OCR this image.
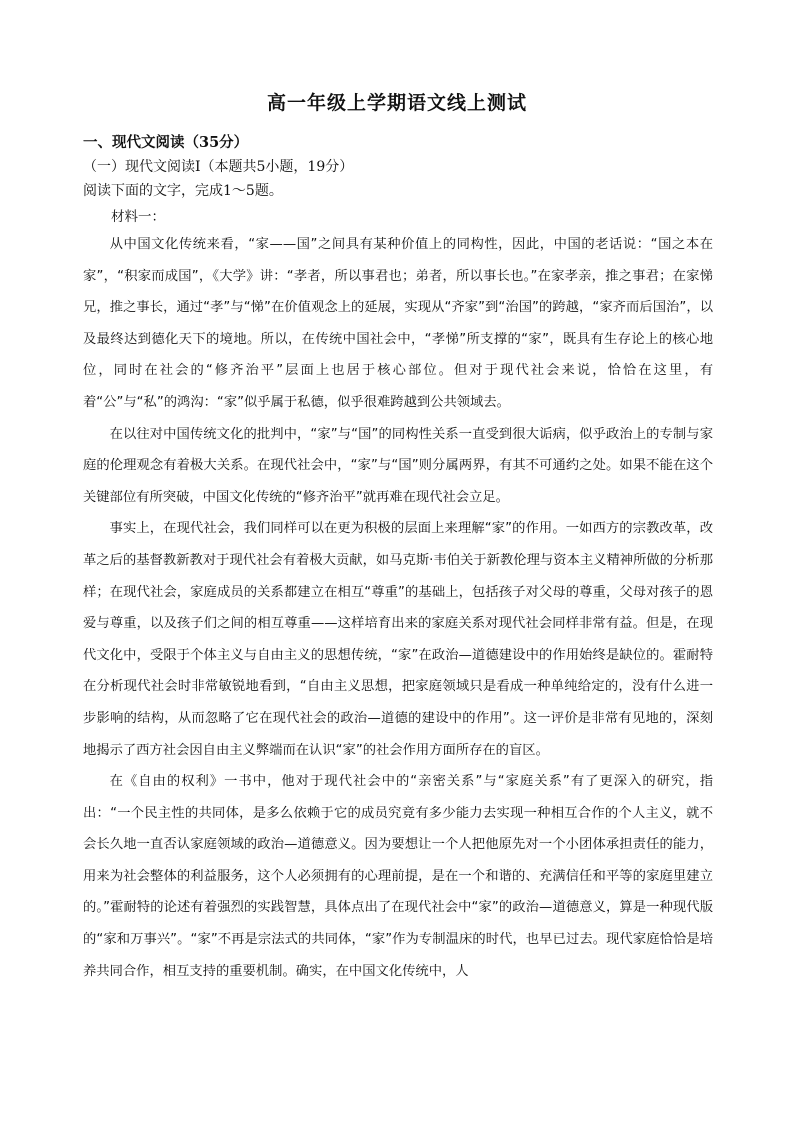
高一年级上学期语文线上测试
一、现代文阅读（35分）
（一）现代文阅读Ⅰ（本题共5小题，19分）
阅读下面的文字，完成1～5题。
材料一：

从中国文化传统来看，“家——国”之间具有某种价值上的同构性，因此，中国的老话说：“国之本在家”，“积家而成国”，《大学》讲：“孝者，所以事君也；弟者，所以事长也。”在家孝亲，推之事君；在家悌兄，推之事长，通过“孝”与“悌”在价值观念上的延展，实现从“齐家”到“治国”的跨越，“家齐而后国治”，以及最终达到德化天下的境地。所以，在传统中国社会中，“孝悌”所支撑的“家”，既具有生存论上的核心地位，同时在社会的“修齐治平”层面上也居于核心部位。但对于现代社会来说，恰恰在这里，有着“公”与“私”的鸿沟：“家”似乎属于私德，似乎很难跨越到公共领域去。

在以往对中国传统文化的批判中，“家”与“国”的同构性关系一直受到很大诟病，似乎政治上的专制与家庭的伦理观念有着极大关系。在现代社会中，“家”与“国”则分属两界，有其不可通约之处。如果不能在这个关键部位有所突破，中国文化传统的“修齐治平”就再难在现代社会立足。

事实上，在现代社会，我们同样可以在更为积极的层面上来理解“家”的作用。一如西方的宗教改革，改革之后的基督教新教对于现代社会有着极大贡献，如马克斯·韦伯关于新教伦理与资本主义精神所做的分析那样；在现代社会，家庭成员的关系都建立在相互“尊重”的基础上，包括孩子对父母的尊重，父母对孩子的恩爱与尊重，以及孩子们之间的相互尊重——这样培育出来的家庭关系对现代社会同样非常有益。但是，在现代文化中，受限于个体主义与自由主义的思想传统，“家”在政治—道德建设中的作用始终是缺位的。霍耐特在分析现代社会时非常敏锐地看到，“自由主义思想，把家庭领域只是看成一种单纯给定的，没有什么进一步影响的结构，从而忽略了它在现代社会的政治—道德的建设中的作用”。这一评价是非常有见地的，深刻地揭示了西方社会因自由主义弊端而在认识“家”的社会作用方面所存在的盲区。

在《自由的权利》一书中，他对于现代社会中的“亲密关系”与“家庭关系”有了更深入的研究，指出：“一个民主性的共同体，是多么依赖于它的成员究竟有多少能力去实现一种相互合作的个人主义，就不会长久地一直否认家庭领域的政治—道德意义。因为要想让一个人把他原先对一个小团体承担责任的能力，用来为社会整体的利益服务，这个人必须拥有的心理前提，是在一个和谐的、充满信任和平等的家庭里建立的。”霍耐特的论述有着强烈的实践智慧，具体点出了在现代社会中“家”的政治—道德意义，算是一种现代版的“家和万事兴”。“家”不再是宗法式的共同体，“家”作为专制温床的时代，也早已过去。现代家庭恰恰是培养共同合作，相互支持的重要机制。确实，在中国文化传统中，人
